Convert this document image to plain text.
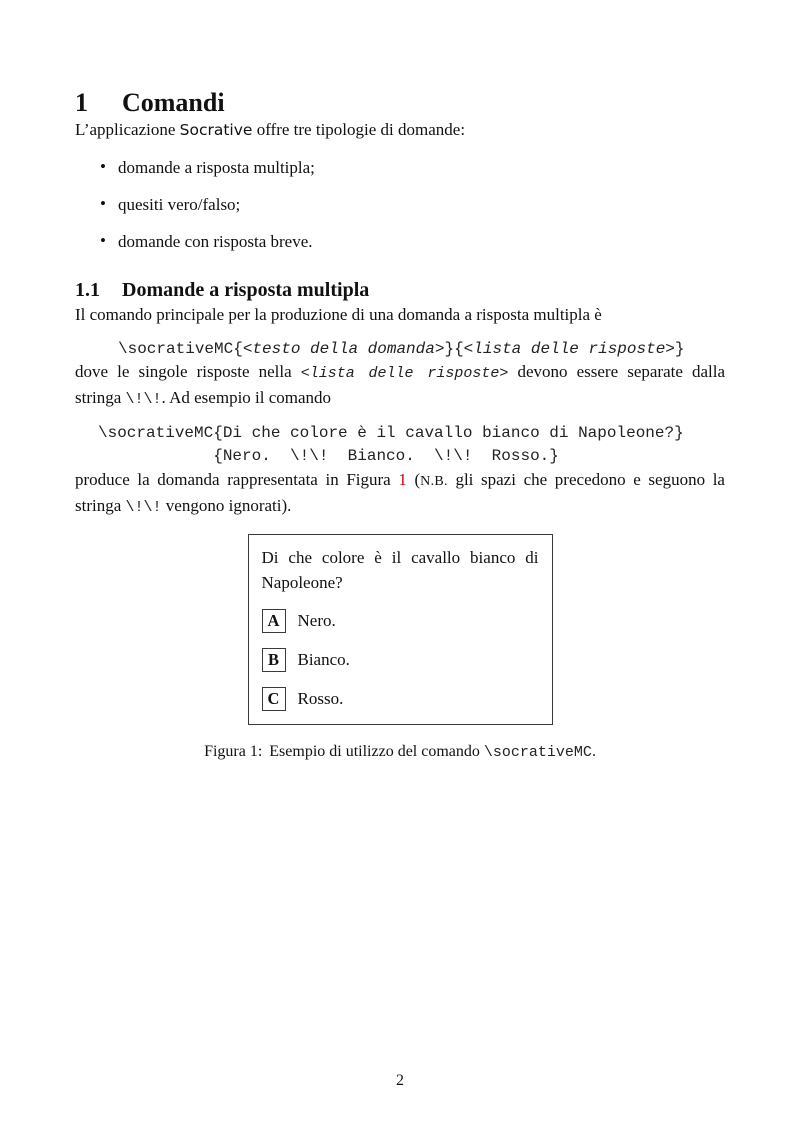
1 Comandi

L’applicazione Socrative offre tre tipologie di domande:

• domande a risposta multipla;
• quesiti vero/falso;
• domande con risposta breve.
1.1 Domande a risposta multipla

Il comando principale per la produzione di una domanda a risposta multipla è

\socrativeMC{<testo della domanda>}{<lista delle risposte>}

dove le singole risposte nella <lista delle risposte> devono essere separate dalla
stringa \!\!. Ad esempio il comando

\socrativeMC{Di che colore è il cavallo bianco di Napoleone?}
{Nero.  \!\!  Bianco.  \!\!  Rosso.}

produce la domanda rappresentata in Figura 1 (N.B. gli spazi che precedono e seguono la
stringa \!\! vengono ignorati).

Di che colore è il cavallo bianco di
Napoleone?
A	Nero.
B	Bianco.
C	Rosso.
Figura 1: Esempio di utilizzo del comando \socrativeMC.
2
